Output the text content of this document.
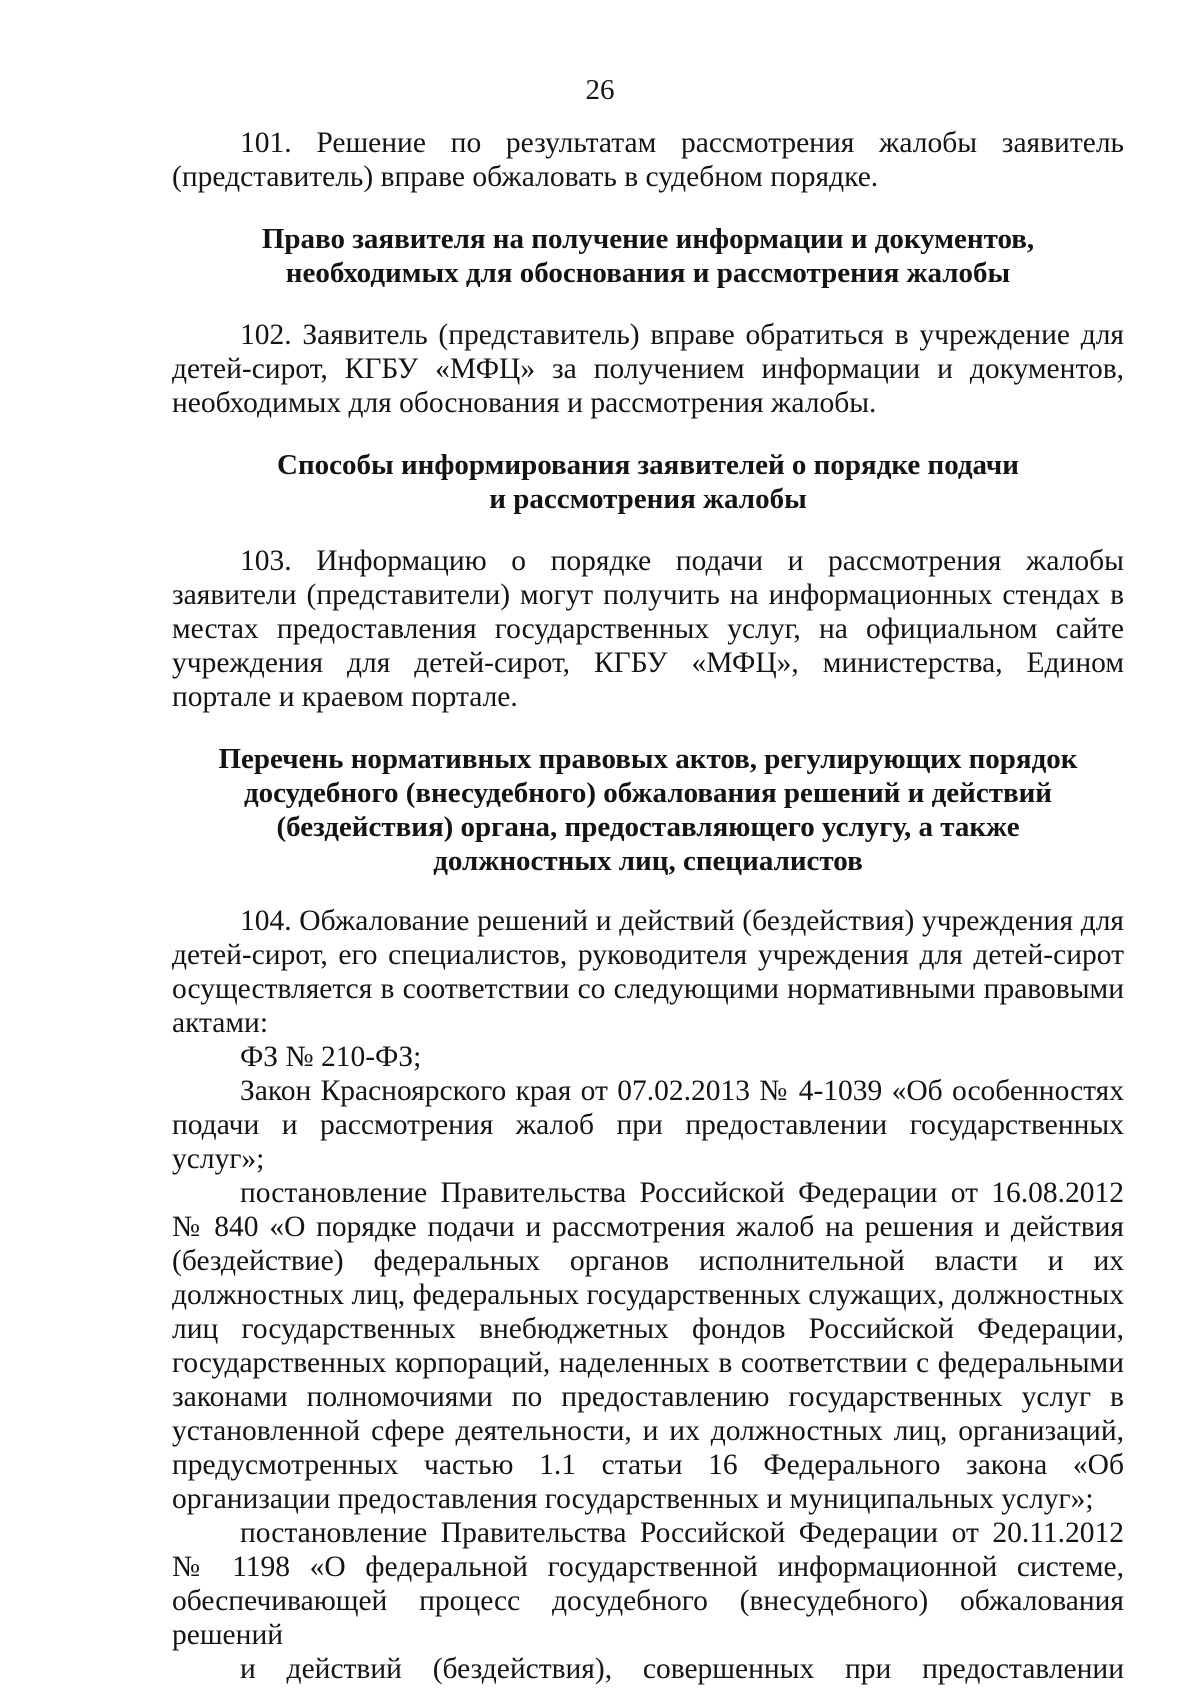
26

101. Решение по результатам рассмотрения жалобы заявитель (представитель) вправе обжаловать в судебном порядке.

Право заявителя на получение информации и документов,
необходимых для обоснования и рассмотрения жалобы

102. Заявитель (представитель) вправе обратиться в учреждение для детей-сирот, КГБУ «МФЦ» за получением информации и документов, необходимых для обоснования и рассмотрения жалобы.

Способы информирования заявителей о порядке подачи
и рассмотрения жалобы

103. Информацию о порядке подачи и рассмотрения жалобы заявители (представители) могут получить на информационных стендах в местах предоставления государственных услуг, на официальном сайте учреждения для детей-сирот, КГБУ «МФЦ», министерства, Едином портале и краевом портале.

Перечень нормативных правовых актов, регулирующих порядок
досудебного (внесудебного) обжалования решений и действий
(бездействия) органа, предоставляющего услугу, а также
должностных лиц, специалистов

104. Обжалование решений и действий (бездействия) учреждения для детей-сирот, его специалистов, руководителя учреждения для детей-сирот осуществляется в соответствии со следующими нормативными правовыми актами:

ФЗ № 210-ФЗ;

Закон Красноярского края от 07.02.2013 № 4-1039 «Об особенностях подачи и рассмотрения жалоб при предоставлении государственных услуг»;

постановление Правительства Российской Федерации от 16.08.2012 № 840 «О порядке подачи и рассмотрения жалоб на решения и действия (бездействие) федеральных органов исполнительной власти и их должностных лиц, федеральных государственных служащих, должностных лиц государственных внебюджетных фондов Российской Федерации, государственных корпораций, наделенных в соответствии с федеральными законами полномочиями по предоставлению государственных услуг в установленной сфере деятельности, и их должностных лиц, организаций, предусмотренных частью 1.1 статьи 16 Федерального закона «Об организации предоставления государственных и муниципальных услуг»;

постановление Правительства Российской Федерации от 20.11.2012 № 1198 «О федеральной государственной информационной системе, обеспечивающей процесс досудебного (внесудебного) обжалования решений
и действий (бездействия), совершенных при предоставлении
